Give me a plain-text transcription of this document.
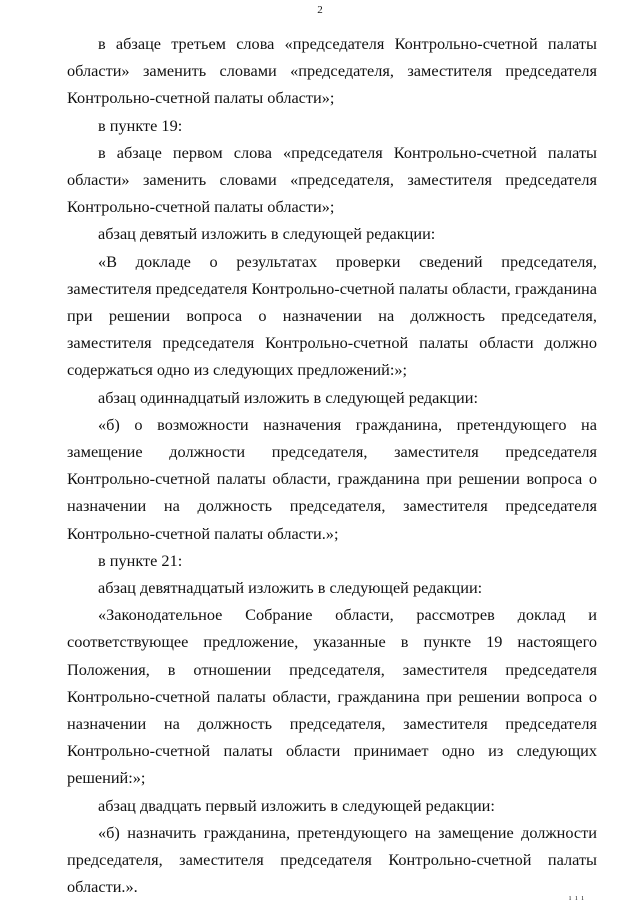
2

в абзаце третьем слова «председателя Контрольно-счетной палаты области» заменить словами «председателя, заместителя председателя Контрольно-счетной палаты области»;

в пункте 19:

в абзаце первом слова «председателя Контрольно-счетной палаты области» заменить словами «председателя, заместителя председателя Контрольно-счетной палаты области»;

абзац девятый изложить в следующей редакции:

«В докладе о результатах проверки сведений председателя, заместителя председателя Контрольно-счетной палаты области, гражданина при решении вопроса о назначении на должность председателя, заместителя председателя Контрольно-счетной палаты области должно содержаться одно из следующих предложений:»;

абзац одиннадцатый изложить в следующей редакции:

«б) о возможности назначения гражданина, претендующего на замещение должности председателя, заместителя председателя Контрольно-счетной палаты области, гражданина при решении вопроса о назначении на должность председателя, заместителя председателя Контрольно-счетной палаты области.»;

в пункте 21:

абзац девятнадцатый изложить в следующей редакции:

«Законодательное Собрание области, рассмотрев доклад и соответствующее предложение, указанные в пункте 19 настоящего Положения, в отношении председателя, заместителя председателя Контрольно-счетной палаты области, гражданина при решении вопроса о назначении на должность председателя, заместителя председателя Контрольно-счетной палаты области принимает одно из следующих решений:»;

абзац двадцать первый изложить в следующей редакции:

«б) назначить гражданина, претендующего на замещение должности председателя, заместителя председателя Контрольно-счетной палаты области.».

ı ı ı
